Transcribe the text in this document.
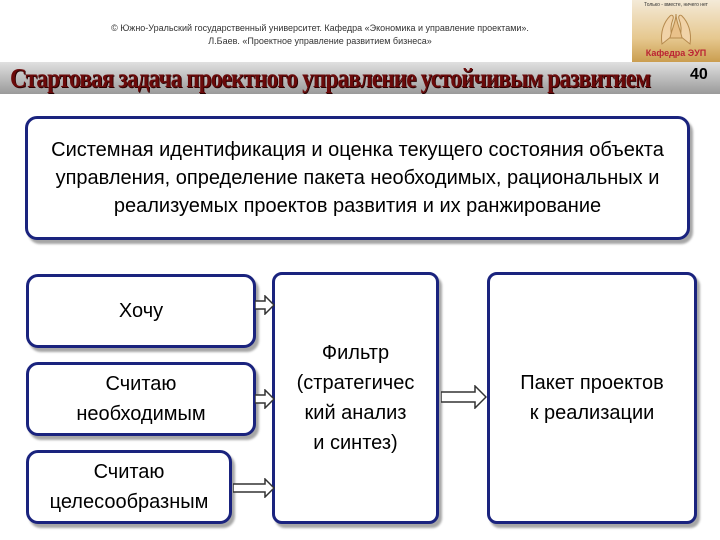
© Южно-Уральский государственный университет. Кафедра «Экономика и управление проектами».
Л.Баев. «Проектное управление развитием бизнеса»
Только - вместе, ничего нет
Кафедра ЭУП
Стартовая задача проектного управление устойчивым развитием 40
Системная идентификация и оценка текущего состояния объекта управления, определение пакета необходимых, рациональных и реализуемых проектов развития и их ранжирование
Хочу
Считаю
необходимым
Считаю
целесообразным
Фильтр
(стратегичес
кий анализ
и синтез)
Пакет проектов
к реализации
